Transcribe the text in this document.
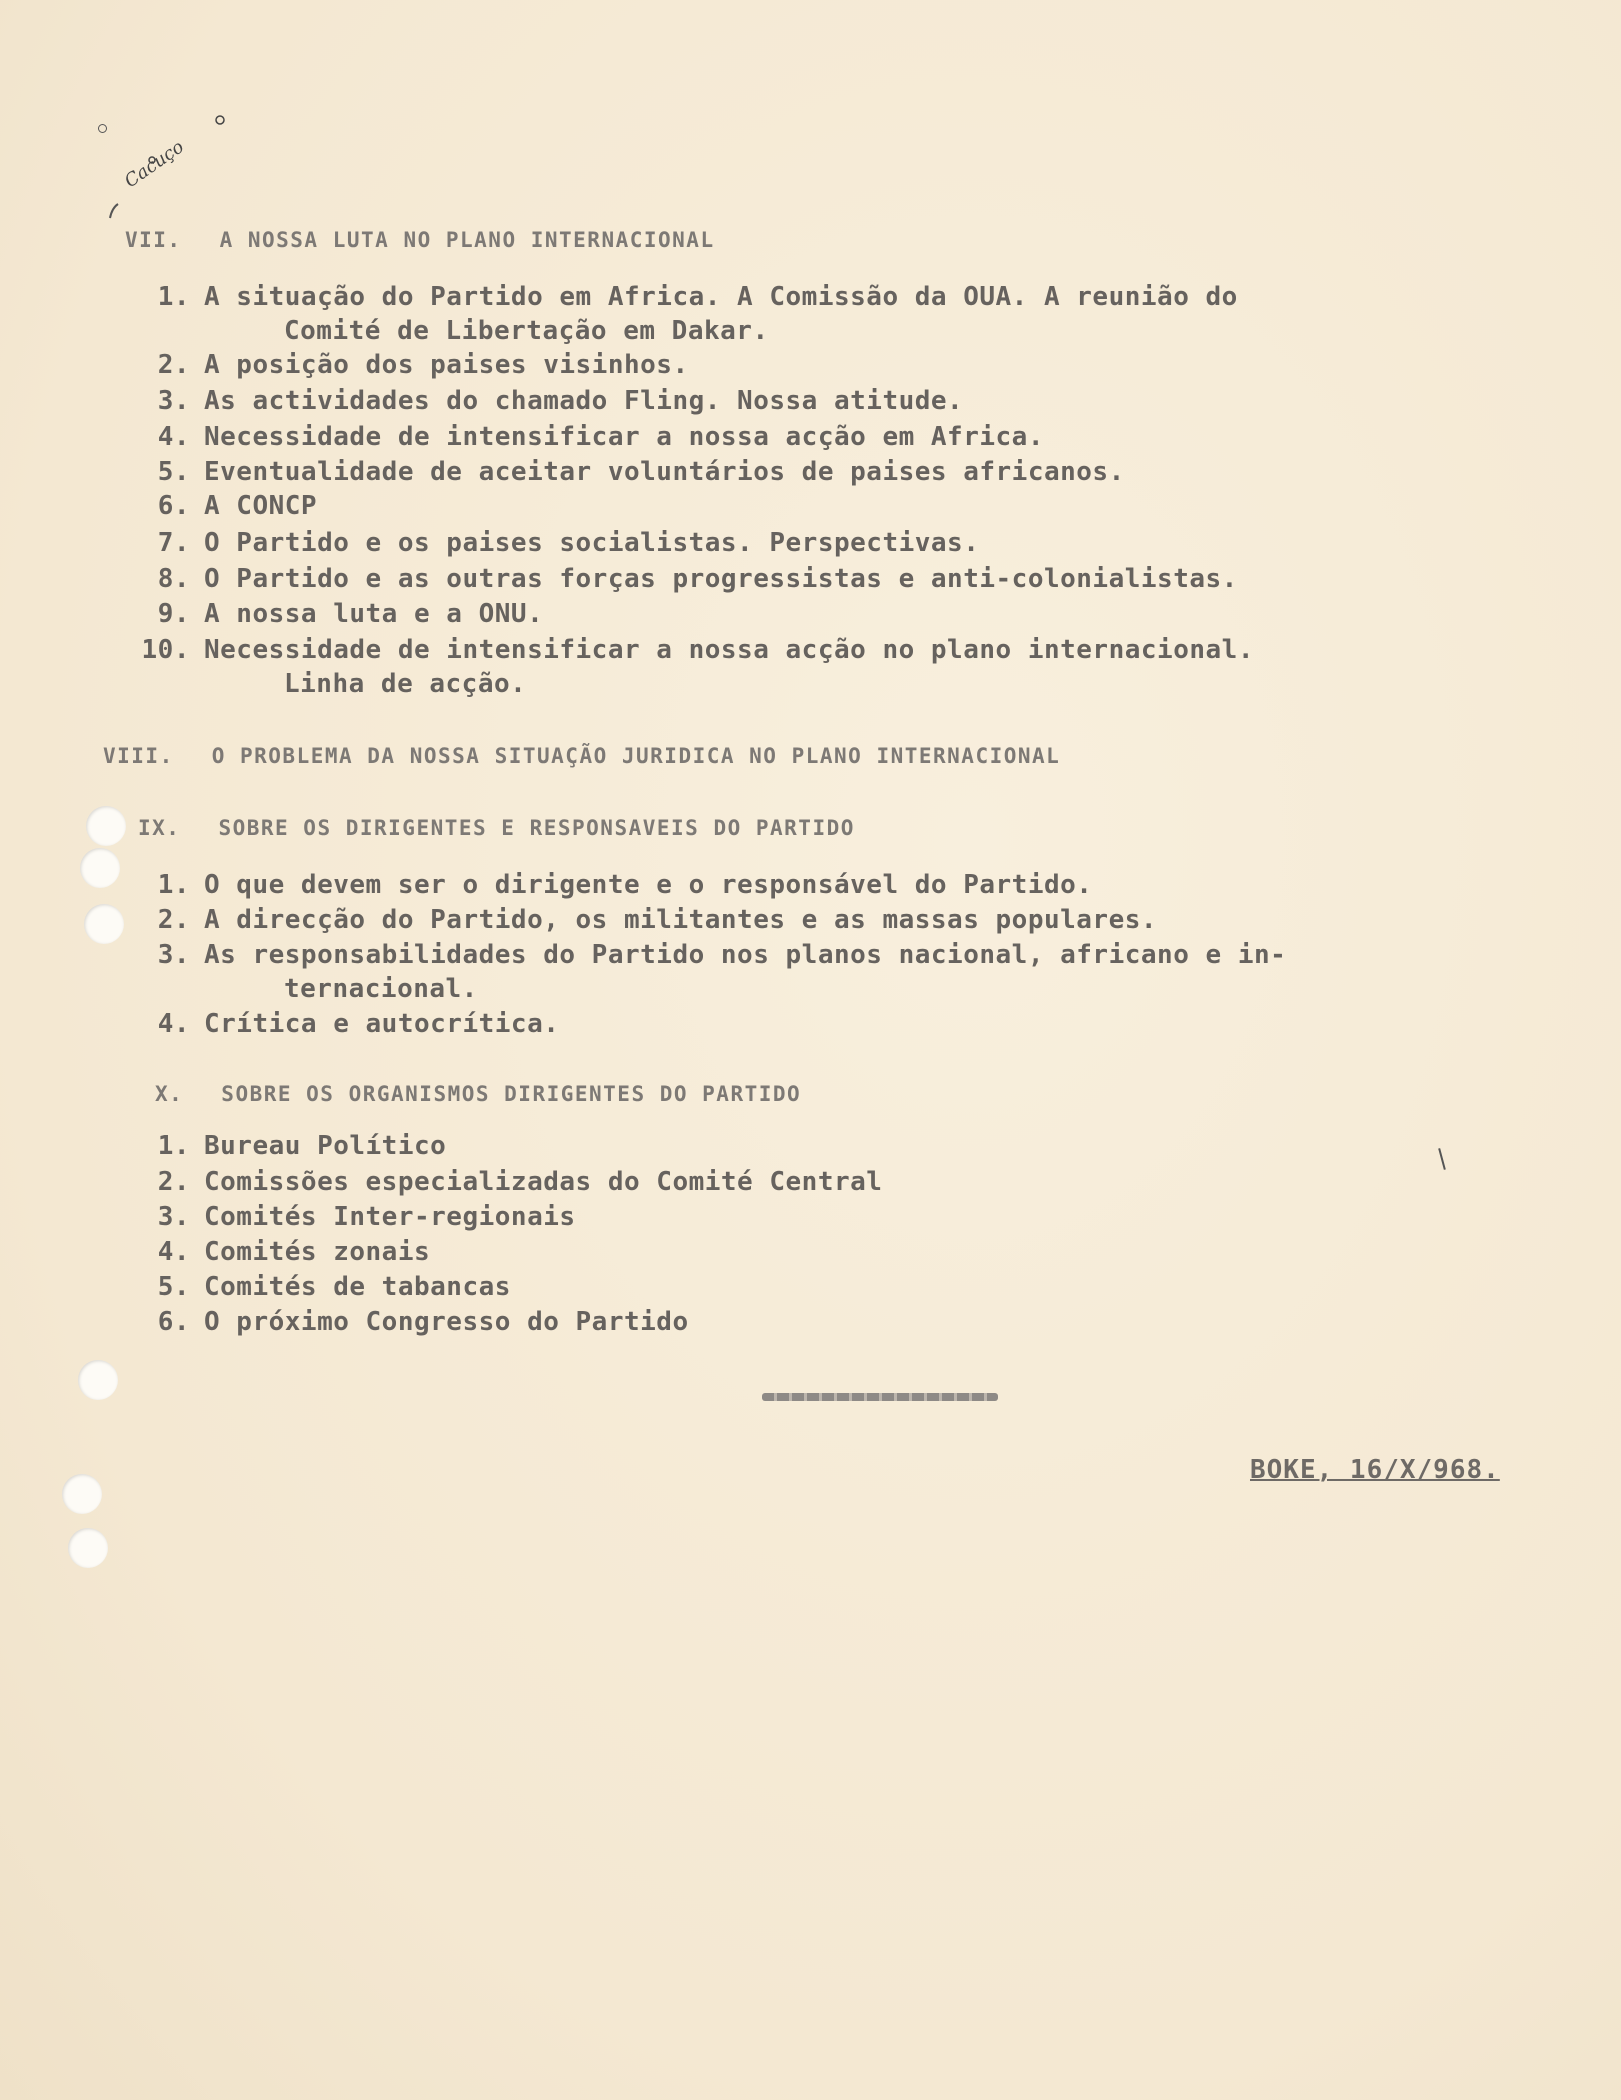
Cacuço
VII. A NOSSA LUTA NO PLANO INTERNACIONAL
1. A situação do Partido em Africa. A Comissão da OUA. A reunião do
Comité de Libertação em Dakar.
2. A posição dos paises visinhos.
3. As actividades do chamado Fling. Nossa atitude.
4. Necessidade de intensificar a nossa acção em Africa.
5. Eventualidade de aceitar voluntários de paises africanos.
6. A CONCP
7. O Partido e os paises socialistas. Perspectivas.
8. O Partido e as outras forças progressistas e anti-colonialistas.
9. A nossa luta e a ONU.
10. Necessidade de intensificar a nossa acção no plano internacional.
Linha de acção.
VIII. O PROBLEMA DA NOSSA SITUAÇÃO JURIDICA NO PLANO INTERNACIONAL
IX. SOBRE OS DIRIGENTES E RESPONSAVEIS DO PARTIDO
1. O que devem ser o dirigente e o responsável do Partido.
2. A direcção do Partido, os militantes e as massas populares.
3. As responsabilidades do Partido nos planos nacional, africano e in-
ternacional.
4. Crítica e autocrítica.
X. SOBRE OS ORGANISMOS DIRIGENTES DO PARTIDO
1. Bureau Político
2. Comissões especializadas do Comité Central
3. Comités Inter-regionais
4. Comités zonais
5. Comités de tabancas
6. O próximo Congresso do Partido
BOKE, 16/X/968.
